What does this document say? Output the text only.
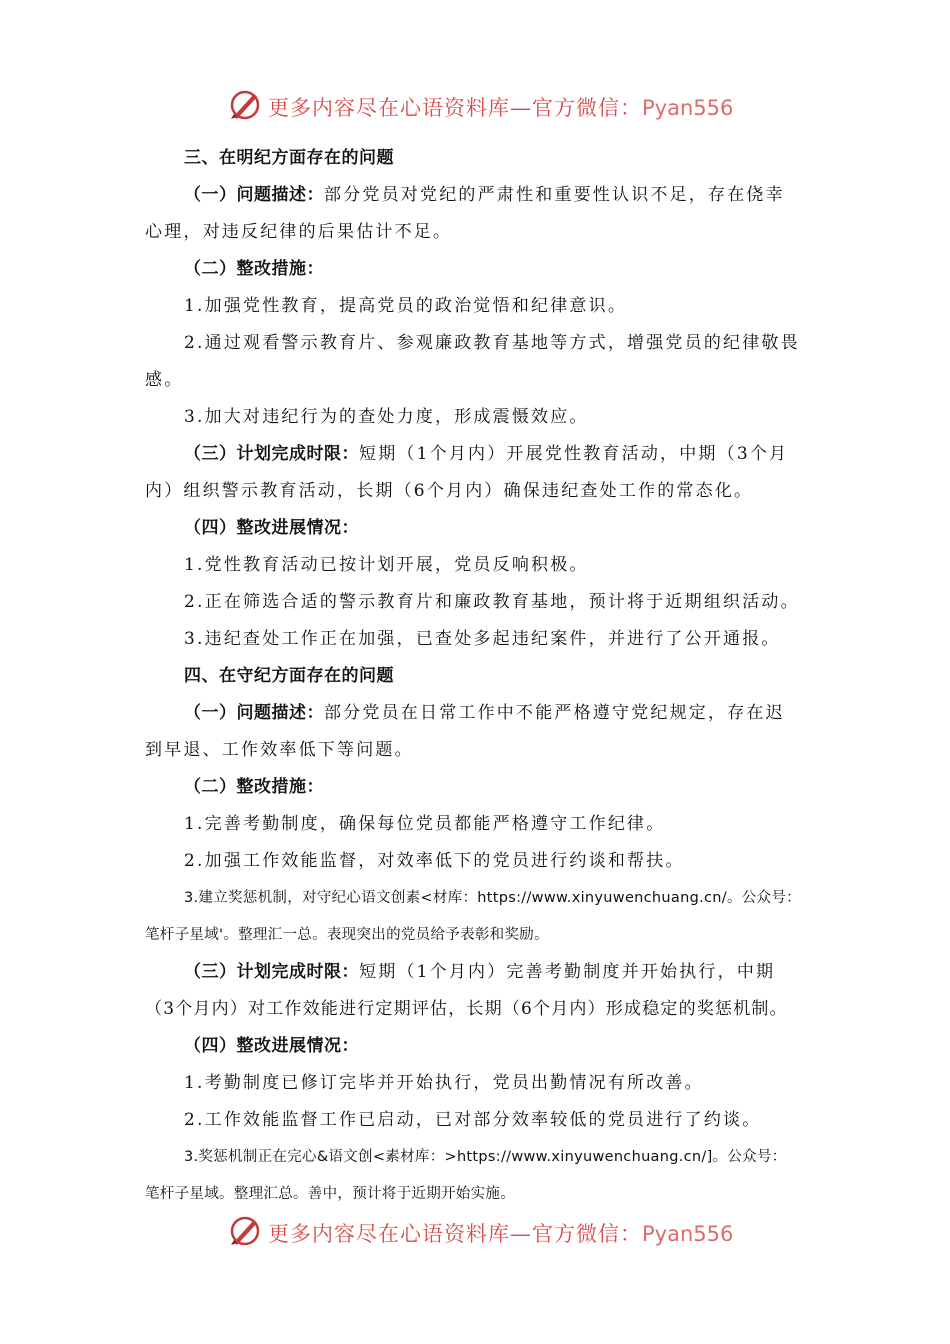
更多内容尽在心语资料库—官方微信：Pyan556

三、在明纪方面存在的问题

（一）问题描述：部分党员对党纪的严肃性和重要性认识不足，存在侥幸

心理，对违反纪律的后果估计不足。

（二）整改措施：

1.加强党性教育，提高党员的政治觉悟和纪律意识。

2.通过观看警示教育片、参观廉政教育基地等方式，增强党员的纪律敬畏

感。

3.加大对违纪行为的查处力度，形成震慑效应。

（三）计划完成时限：短期（1个月内）开展党性教育活动，中期（3个月

内）组织警示教育活动，长期（6个月内）确保违纪查处工作的常态化。

（四）整改进展情况：

1.党性教育活动已按计划开展，党员反响积极。

2.正在筛选合适的警示教育片和廉政教育基地，预计将于近期组织活动。

3.违纪查处工作正在加强，已查处多起违纪案件，并进行了公开通报。

四、在守纪方面存在的问题

（一）问题描述：部分党员在日常工作中不能严格遵守党纪规定，存在迟

到早退、工作效率低下等问题。

（二）整改措施：

1.完善考勤制度，确保每位党员都能严格遵守工作纪律。

2.加强工作效能监督，对效率低下的党员进行约谈和帮扶。

3.建立奖惩机制，对守纪心语文创素<材库：https://www.xinyuwenchuang.cn/。公众号：

笔杆子星域'。整理汇一总。表现突出的党员给予表彰和奖励。

（三）计划完成时限：短期（1个月内）完善考勤制度并开始执行，中期

（3个月内）对工作效能进行定期评估，长期（6个月内）形成稳定的奖惩机制。

（四）整改进展情况：

1.考勤制度已修订完毕并开始执行，党员出勤情况有所改善。

2.工作效能监督工作已启动，已对部分效率较低的党员进行了约谈。

3.奖惩机制正在完心&语文创<素材库：>https://www.xinyuwenchuang.cn/]。公众号：

笔杆子星域。整理汇总。善中，预计将于近期开始实施。

更多内容尽在心语资料库—官方微信：Pyan556
